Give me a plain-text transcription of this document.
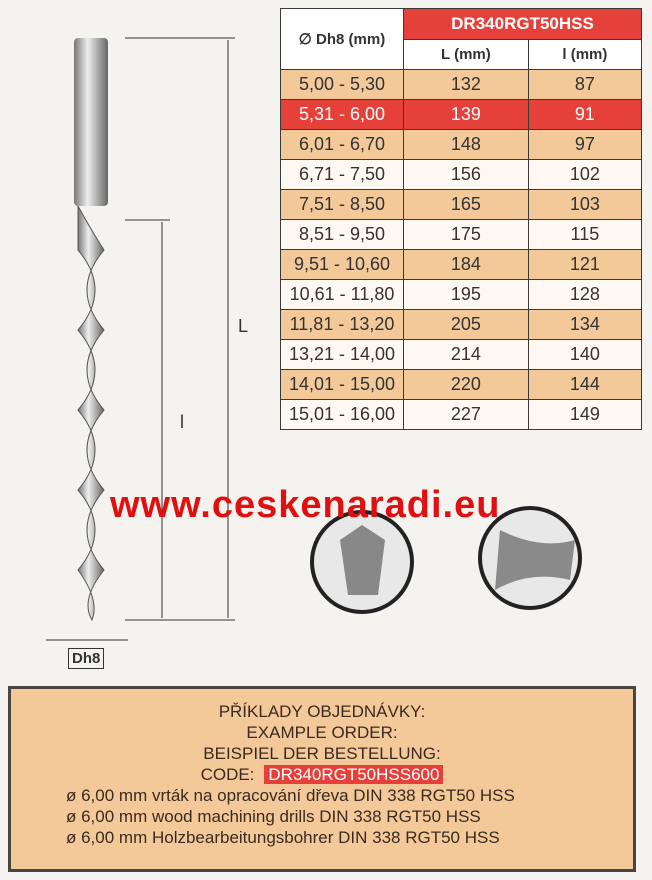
L
l
Dh8
∅ Dh8 (mm)	DR340RGT50HSS	
	L (mm)	l (mm)
5,00 - 5,30	132	87
5,31 - 6,00	139	91
6,01 - 6,70	148	97
6,71 - 7,50	156	102
7,51 - 8,50	165	103
8,51 - 9,50	175	115
9,51 - 10,60	184	121
10,61 - 11,80	195	128
11,81 - 13,20	205	134
13,21 - 14,00	214	140
14,01 - 15,00	220	144
15,01 - 16,00	227	149
www.ceskenaradi.eu
PŘÍKLADY OBJEDNÁVKY:
EXAMPLE ORDER:
BEISPIEL DER BESTELLUNG:
CODE: DR340RGT50HSS600
ø 6,00 mm vrták na opracování dřeva DIN 338 RGT50 HSS
ø 6,00 mm wood machining drills DIN 338 RGT50 HSS
ø 6,00 mm Holzbearbeitungsbohrer DIN 338 RGT50 HSS
